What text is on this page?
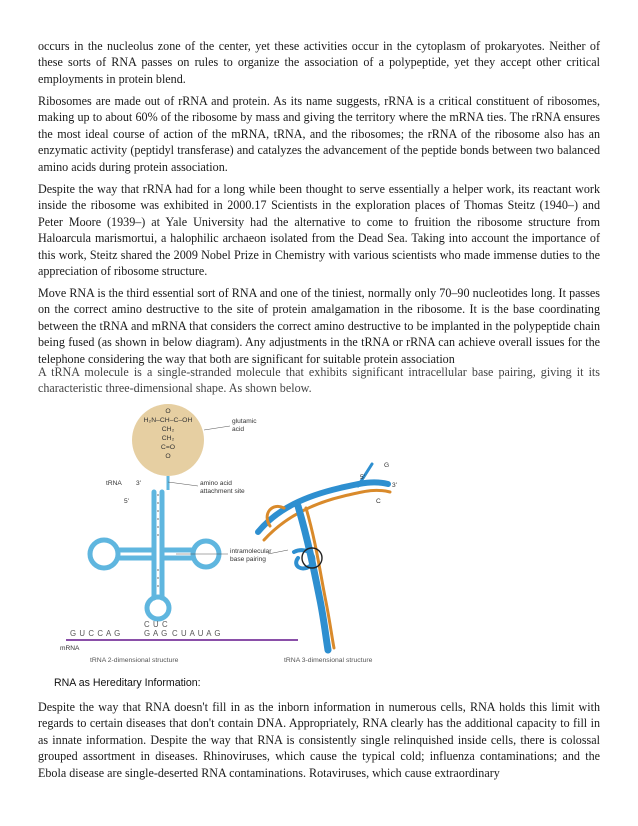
occurs in the nucleolus zone of the center, yet these activities occur in the cytoplasm of prokaryotes. Neither of these sorts of RNA passes on rules to organize the association of a polypeptide, yet they accept other critical employments in protein blend.

Ribosomes are made out of rRNA and protein. As its name suggests, rRNA is a critical constituent of ribosomes, making up to about 60% of the ribosome by mass and giving the territory where the mRNA ties. The rRNA ensures the most ideal course of action of the mRNA, tRNA, and the ribosomes; the rRNA of the ribosome also has an enzymatic activity (peptidyl transferase) and catalyzes the advancement of the peptide bonds between two balanced amino acids during protein association.

Despite the way that rRNA had for a long while been thought to serve essentially a helper work, its reactant work inside the ribosome was exhibited in 2000.17 Scientists in the exploration places of Thomas Steitz (1940–) and Peter Moore (1939–) at Yale University had the alternative to come to fruition the ribosome structure from Haloarcula marismortui, a halophilic archaeon isolated from the Dead Sea. Taking into account the importance of this work, Steitz shared the 2009 Nobel Prize in Chemistry with various scientists who made immense duties to the appreciation of ribosome structure.

Move RNA is the third essential sort of RNA and one of the tiniest, normally only 70–90 nucleotides long. It passes on the correct amino destructive to the site of protein amalgamation in the ribosome. It is the base coordinating between the tRNA and mRNA that considers the correct amino destructive to be implanted in the polypeptide chain being fused (as shown in below diagram). Any adjustments in the tRNA or rRNA can achieve overall issues for the telephone considering the way that both are significant for suitable protein association

A tRNA molecule is a single-stranded molecule that exhibits significant intracellular base pairing, giving it its characteristic three-dimensional shape. As shown below.

O

H₂N–CH–C–OH

CH₂

CH₂

C=O

O

glutamic

acid

tRNA 3'

5'

amino acid

attachment site

intramolecular

base pairing

C U C

G U C C A G	G A G C U A U A G

mRNA

5'

3'

G

C

tRNA 2-dimensional structure	tRNA 3-dimensional structure

RNA as Hereditary Information:

Despite the way that RNA doesn't fill in as the inborn information in numerous cells, RNA holds this limit with regards to certain diseases that don't contain DNA. Appropriately, RNA clearly has the additional capacity to fill in as innate information. Despite the way that RNA is consistently single relinquished inside cells, there is colossal grouped assortment in diseases. Rhinoviruses, which cause the typical cold; influenza contaminations; and the Ebola disease are single-deserted RNA contaminations. Rotaviruses, which cause extraordinary
